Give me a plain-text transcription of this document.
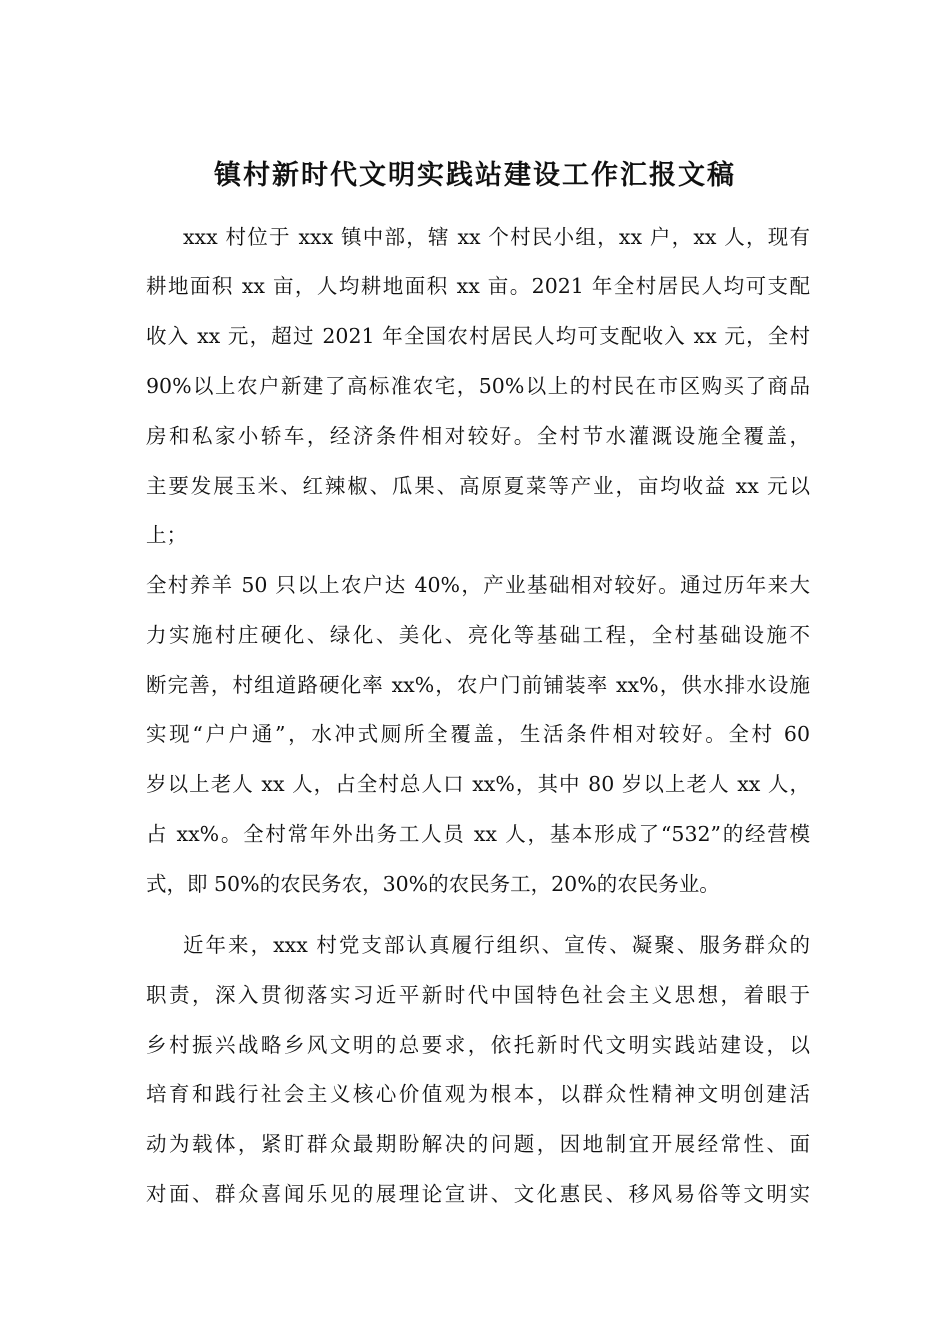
镇村新时代文明实践站建设工作汇报文稿
xxx 村位于 xxx 镇中部，辖 xx 个村民小组，xx 户，xx 人，现有
耕地面积 xx 亩，人均耕地面积 xx 亩。2021 年全村居民人均可支配
收入 xx 元，超过 2021 年全国农村居民人均可支配收入 xx 元，全村
90%以上农户新建了高标准农宅，50%以上的村民在市区购买了商品
房和私家小轿车，经济条件相对较好。全村节水灌溉设施全覆盖，
主要发展玉米、红辣椒、瓜果、高原夏菜等产业，亩均收益 xx 元以
上；
全村养羊 50 只以上农户达 40%，产业基础相对较好。通过历年来大
力实施村庄硬化、绿化、美化、亮化等基础工程，全村基础设施不
断完善，村组道路硬化率 xx%，农户门前铺装率 xx%，供水排水设施
实现“户户通”，水冲式厕所全覆盖，生活条件相对较好。全村 60
岁以上老人 xx 人，占全村总人口 xx%，其中 80 岁以上老人 xx 人，
占 xx%。全村常年外出务工人员 xx 人，基本形成了“532”的经营模
式，即 50%的农民务农，30%的农民务工，20%的农民务业。
近年来，xxx 村党支部认真履行组织、宣传、凝聚、服务群众的
职责，深入贯彻落实习近平新时代中国特色社会主义思想，着眼于
乡村振兴战略乡风文明的总要求，依托新时代文明实践站建设，以
培育和践行社会主义核心价值观为根本，以群众性精神文明创建活
动为载体，紧盯群众最期盼解决的问题，因地制宜开展经常性、面
对面、群众喜闻乐见的展理论宣讲、文化惠民、移风易俗等文明实
